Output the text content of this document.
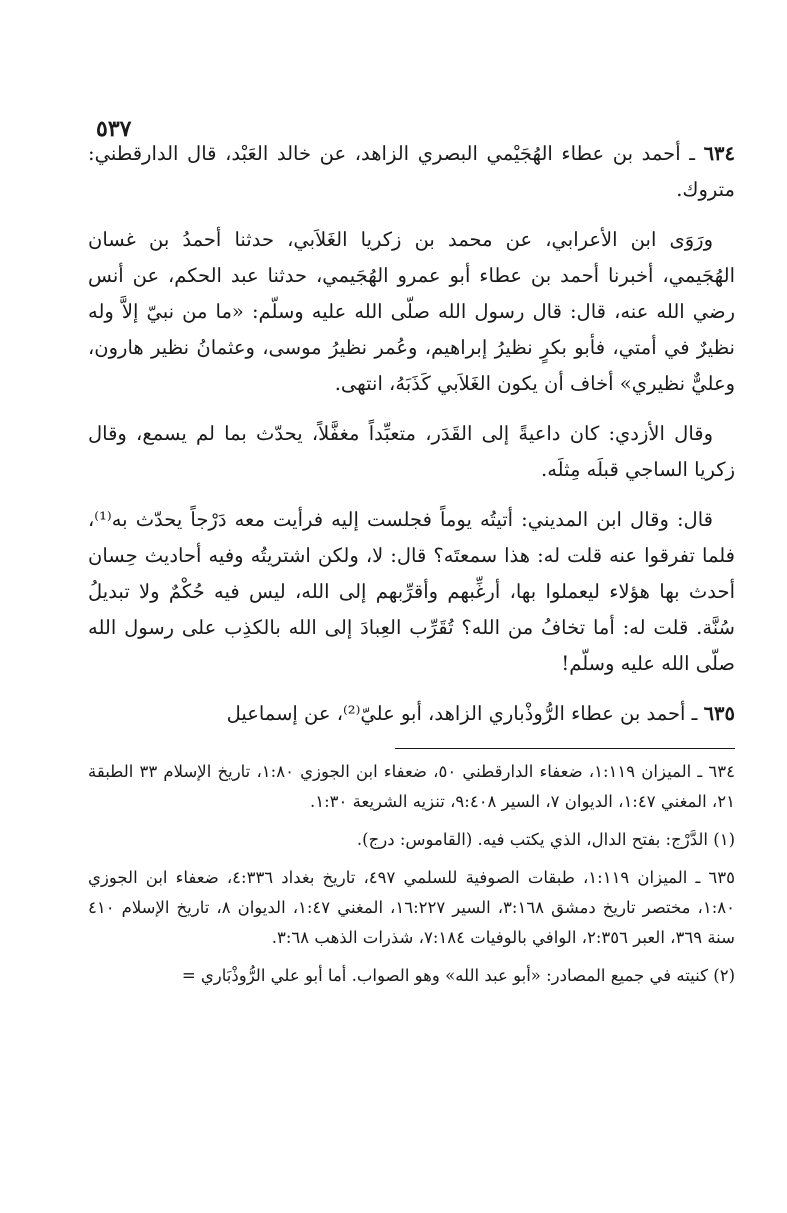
٥٣٧

٦٣٤ ـ أحمد بن عطاء الهُجَيْمي البصري الزاهد، عن خالد العَبْد، قال الدارقطني: متروك.

ورَوَى ابن الأعرابي، عن محمد بن زكريا الغَلاَبي، حدثنا أحمدُ بن غسان الهُجَيمي، أخبرنا أحمد بن عطاء أبو عمرو الهُجَيمي، حدثنا عبد الحكم، عن أنس رضي الله عنه، قال: قال رسول الله صلّى الله عليه وسلّم: «ما من نبيّ إلاَّ وله نظيرٌ في أمتي، فأبو بكرٍ نظيرُ إبراهيم، وعُمر نظيرُ موسى، وعثمانُ نظير هارون، وعليٌّ نظيري» أخاف أن يكون الغَلاَبي كَذَبَهُ، انتهى.

وقال الأزدي: كان داعيةً إلى القَدَر، متعبِّداً مغفَّلاً، يحدّث بما لم يسمع، وقال زكريا الساجي قبلَه مِثلَه.

قال: وقال ابن المديني: أتيتُه يوماً فجلست إليه فرأيت معه دَرْجاً يحدّث به⁽¹⁾، فلما تفرقوا عنه قلت له: هذا سمعتَه؟ قال: لا، ولكن اشتريتُه وفيه أحاديث حِسان أحدث بها هؤلاء ليعملوا بها، أرغِّبهم وأقرِّبهم إلى الله، ليس فيه حُكْمٌ ولا تبديلُ سُنَّة. قلت له: أما تخافُ من الله؟ تُقَرِّب العِبادَ إلى الله بالكذِب على رسول الله صلّى الله عليه وسلّم!

٦٣٥ ـ أحمد بن عطاء الرُّوذْباري الزاهد، أبو عليّ⁽²⁾، عن إسماعيل

٦٣٤ ـ الميزان ١:١١٩، ضعفاء الدارقطني ٥٠، ضعفاء ابن الجوزي ١:٨٠، تاريخ الإسلام ٣٣ الطبقة ٢١، المغني ١:٤٧، الديوان ٧، السير ٩:٤٠٨، تنزيه الشريعة ١:٣٠.

(١) الدَّرْج: بفتح الدال، الذي يكتب فيه. (القاموس: درج).

٦٣٥ ـ الميزان ١:١١٩، طبقات الصوفية للسلمي ٤٩٧، تاريخ بغداد ٤:٣٣٦، ضعفاء ابن الجوزي ١:٨٠، مختصر تاريخ دمشق ٣:١٦٨، السير ١٦:٢٢٧، المغني ١:٤٧، الديوان ٨، تاريخ الإسلام ٤١٠ سنة ٣٦٩، العبر ٢:٣٥٦، الوافي بالوفيات ٧:١٨٤، شذرات الذهب ٣:٦٨.

(٢) كنيته في جميع المصادر: «أبو عبد الله» وهو الصواب. أما أبو علي الرُّوذْبَاري =
